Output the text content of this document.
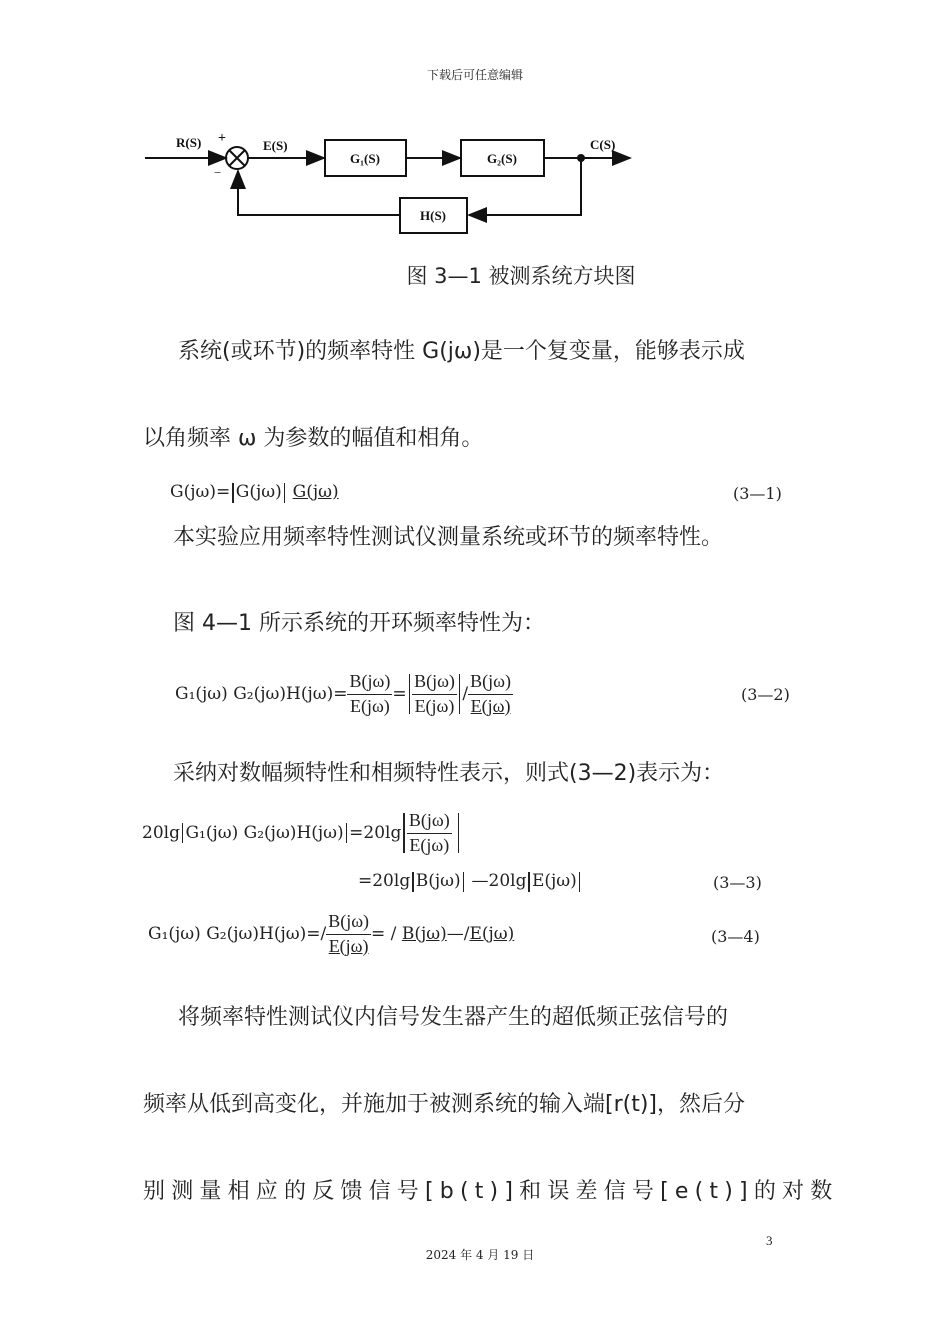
下载后可任意编辑
R(S) +
−
E(S)
G₁(S)	G₂(S)
C(S)
H(S)
图 3—1 被测系统方块图
系统(或环节)的频率特性 G(jω)是一个复变量，能够表示成
以角频率 ω 为参数的幅值和相角。
G(jω)= G(jω) G(jω)	(3—1)
本实验应用频率特性测试仪测量系统或环节的频率特性。
图 4—1 所示系统的开环频率特性为：
G₁(jω) $G_2(j\omega)H(j\omega)= \frac{B(j\omega)}{E(j\omega)} = \frac{B(j\omega)}{E(j\omega)} / \frac{B(j\omega)}{E(j\omega)}$	(3—2)
采纳对数幅频特性和相频特性表示，则式(3—2)表示为：
20lg G₁(jω) $G_2(j\omega)H(j\omega) =20\lg \frac{B(j\omega)}{E(j\omega)}$
=20lg B(jω) —20lg E(jω)	(3—3)
G₁(jω) $G_2(j\omega)H(j\omega)=/ \frac{B(j\omega)}{E(j\omega)}$ = / B(jω)—/E(jω)	(3—4)
将频率特性测试仪内信号发生器产生的超低频正弦信号的
频率从低到高变化，并施加于被测系统的输入端[r(t)]，然后分
别测量相应的反馈信号[b(t)]和误差信号[e(t)]的对数
3
2024 年 4 月 19 日
